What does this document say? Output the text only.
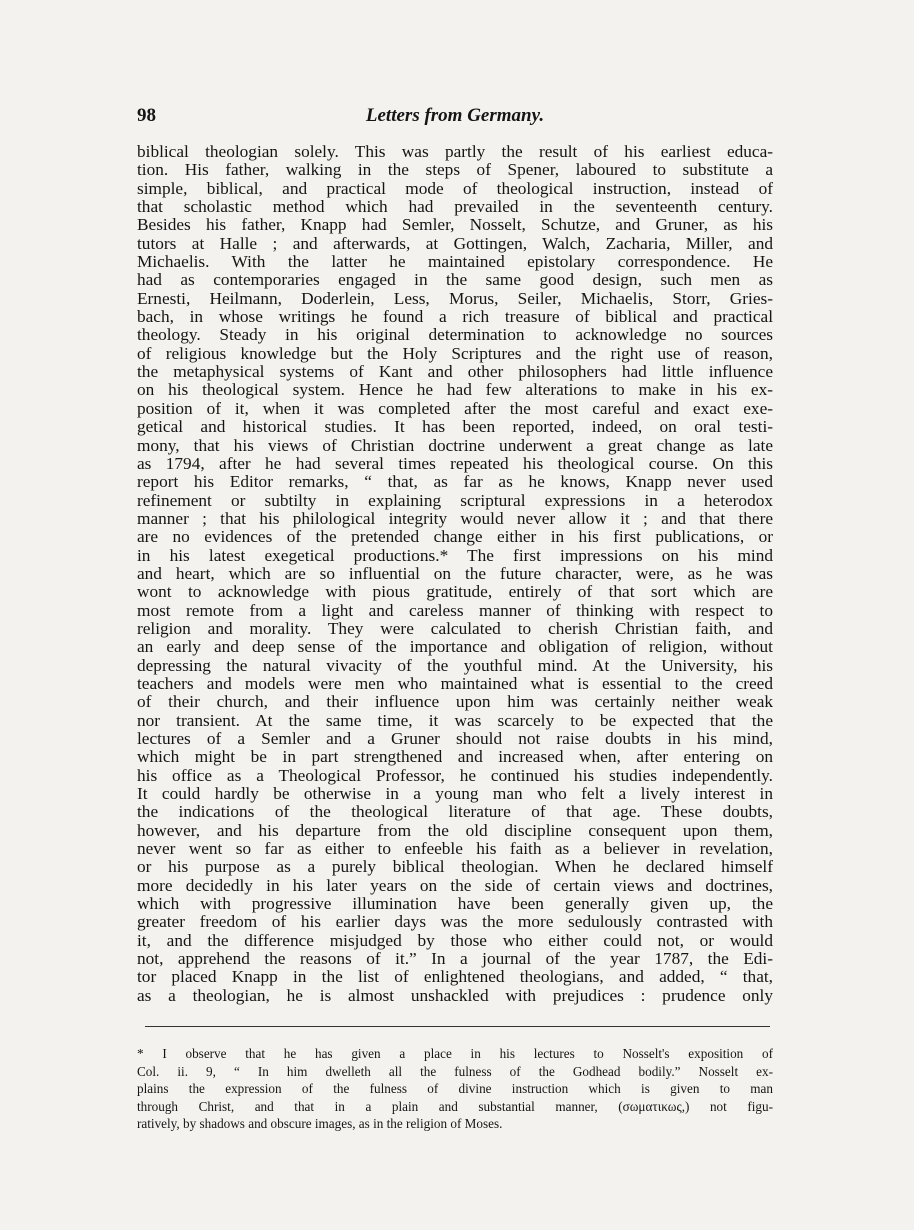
98	Letters from Germany.
biblical theologian solely. This was partly the result of his earliest educa-
tion. His father, walking in the steps of Spener, laboured to substitute a
simple, biblical, and practical mode of theological instruction, instead of
that scholastic method which had prevailed in the seventeenth century.
Besides his father, Knapp had Semler, Nosselt, Schutze, and Gruner, as his
tutors at Halle ; and afterwards, at Gottingen, Walch, Zacharia, Miller, and
Michaelis. With the latter he maintained epistolary correspondence. He
had as contemporaries engaged in the same good design, such men as
Ernesti, Heilmann, Doderlein, Less, Morus, Seiler, Michaelis, Storr, Gries-
bach, in whose writings he found a rich treasure of biblical and practical
theology. Steady in his original determination to acknowledge no sources
of religious knowledge but the Holy Scriptures and the right use of reason,
the metaphysical systems of Kant and other philosophers had little influence
on his theological system. Hence he had few alterations to make in his ex-
position of it, when it was completed after the most careful and exact exe-
getical and historical studies. It has been reported, indeed, on oral testi-
mony, that his views of Christian doctrine underwent a great change as late
as 1794, after he had several times repeated his theological course. On this
report his Editor remarks, “ that, as far as he knows, Knapp never used
refinement or subtilty in explaining scriptural expressions in a heterodox
manner ; that his philological integrity would never allow it ; and that there
are no evidences of the pretended change either in his first publications, or
in his latest exegetical productions.* The first impressions on his mind
and heart, which are so influential on the future character, were, as he was
wont to acknowledge with pious gratitude, entirely of that sort which are
most remote from a light and careless manner of thinking with respect to
religion and morality. They were calculated to cherish Christian faith, and
an early and deep sense of the importance and obligation of religion, without
depressing the natural vivacity of the youthful mind. At the University, his
teachers and models were men who maintained what is essential to the creed
of their church, and their influence upon him was certainly neither weak
nor transient. At the same time, it was scarcely to be expected that the
lectures of a Semler and a Gruner should not raise doubts in his mind,
which might be in part strengthened and increased when, after entering on
his office as a Theological Professor, he continued his studies independently.
It could hardly be otherwise in a young man who felt a lively interest in
the indications of the theological literature of that age. These doubts,
however, and his departure from the old discipline consequent upon them,
never went so far as either to enfeeble his faith as a believer in revelation,
or his purpose as a purely biblical theologian. When he declared himself
more decidedly in his later years on the side of certain views and doctrines,
which with progressive illumination have been generally given up, the
greater freedom of his earlier days was the more sedulously contrasted with
it, and the difference misjudged by those who either could not, or would
not, apprehend the reasons of it.” In a journal of the year 1787, the Edi-
tor placed Knapp in the list of enlightened theologians, and added, “ that,
as a theologian, he is almost unshackled with prejudices : prudence only
* I observe that he has given a place in his lectures to Nosselt's exposition of
Col. ii. 9, “ In him dwelleth all the fulness of the Godhead bodily.” Nosselt ex-
plains the expression of the fulness of divine instruction which is given to man
through Christ, and that in a plain and substantial manner, (σωματικως,) not figu-
ratively, by shadows and obscure images, as in the religion of Moses.
